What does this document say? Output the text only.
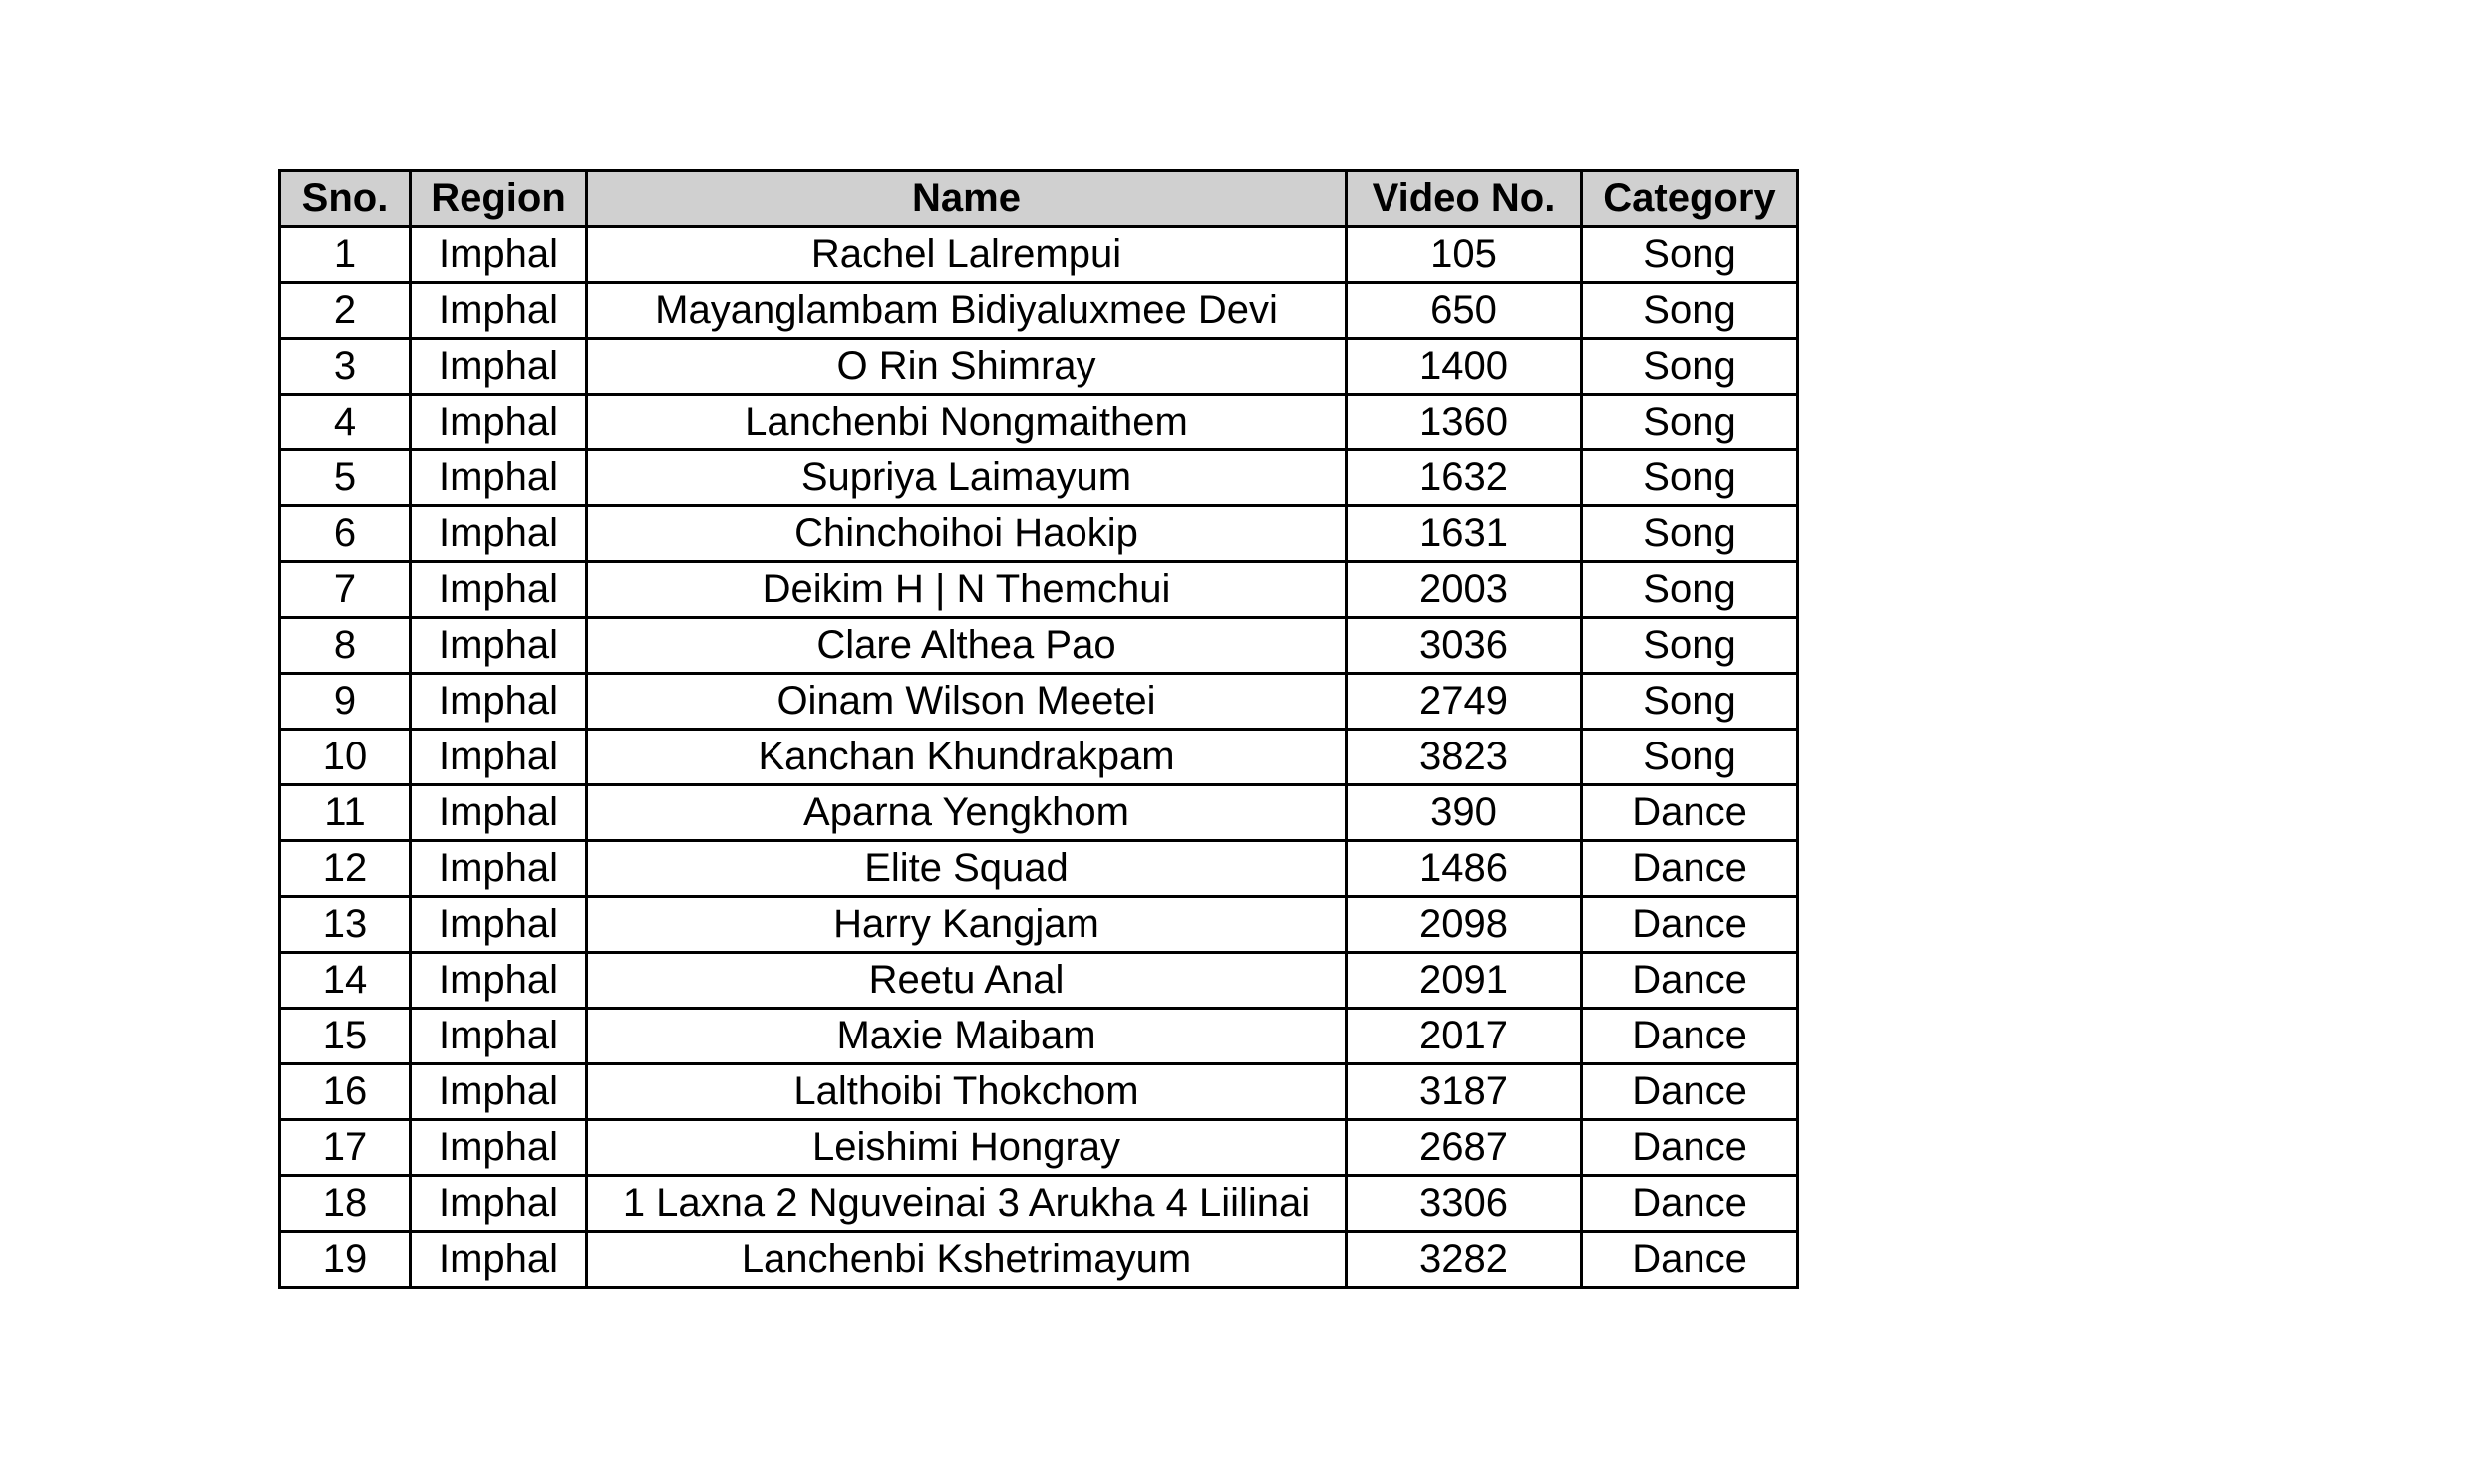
Sno.	Region	Name	Video No.	Category
1	Imphal	Rachel Lalrempui	105	Song
2	Imphal	Mayanglambam Bidiyaluxmee Devi	650	Song
3	Imphal	O Rin Shimray	1400	Song
4	Imphal	Lanchenbi Nongmaithem	1360	Song
5	Imphal	Supriya Laimayum	1632	Song
6	Imphal	Chinchoihoi Haokip	1631	Song
7	Imphal	Deikim H | N Themchui	2003	Song
8	Imphal	Clare Althea Pao	3036	Song
9	Imphal	Oinam Wilson Meetei	2749	Song
10	Imphal	Kanchan Khundrakpam	3823	Song
11	Imphal	Aparna Yengkhom	390	Dance
12	Imphal	Elite Squad	1486	Dance
13	Imphal	Harry Kangjam	2098	Dance
14	Imphal	Reetu Anal	2091	Dance
15	Imphal	Maxie Maibam	2017	Dance
16	Imphal	Lalthoibi Thokchom	3187	Dance
17	Imphal	Leishimi Hongray	2687	Dance
18	Imphal	1 Laxna 2 Nguveinai 3 Arukha 4 Liilinai	3306	Dance
19	Imphal	Lanchenbi Kshetrimayum	3282	Dance
